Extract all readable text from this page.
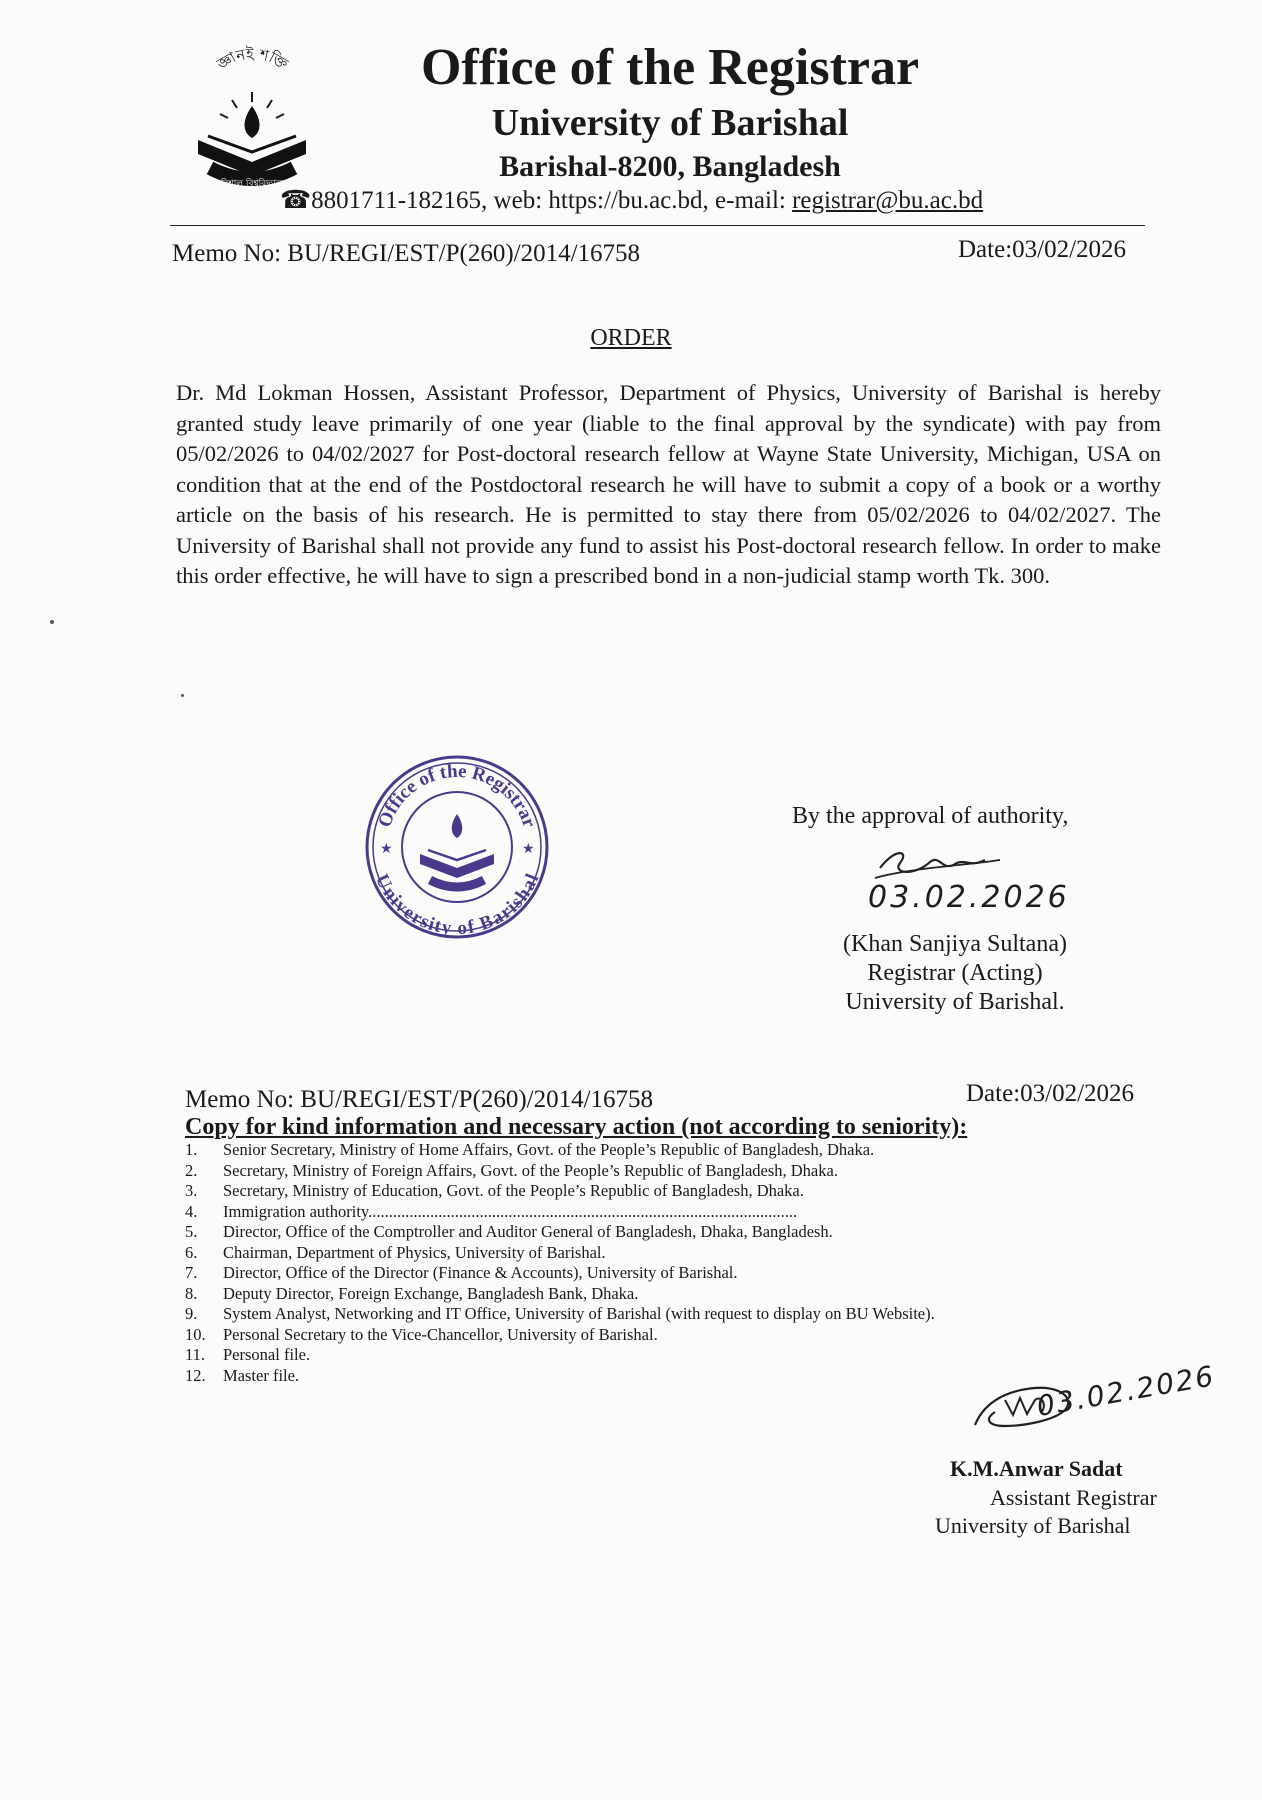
জ্ঞানই শক্তি
বরিশাল বিশ্ববিদ্যালয়
Office of the Registrar
University of Barishal
Barishal-8200, Bangladesh
☎8801711-182165, web: https://bu.ac.bd, e-mail: registrar@bu.ac.bd
Memo No: BU/REGI/EST/P(260)/2014/16758	Date:03/02/2026
ORDER
Dr. Md Lokman Hossen, Assistant Professor, Department of Physics, University of Barishal is hereby granted study leave primarily of one year (liable to the final approval by the syndicate) with pay from 05/02/2026 to 04/02/2027 for Post-doctoral research fellow at Wayne State University, Michigan, USA on condition that at the end of the Postdoctoral research he will have to submit a copy of a book or a worthy article on the basis of his research. He is permitted to stay there from 05/02/2026 to 04/02/2027. The University of Barishal shall not provide any fund to assist his Post-doctoral research fellow. In order to make this order effective, he will have to sign a prescribed bond in a non-judicial stamp worth Tk. 300.
Office of the Registrar
University of Barishal
★	★
By the approval of authority,
03.02.2026
(Khan Sanjiya Sultana)
Registrar (Acting)
University of Barishal.
Memo No: BU/REGI/EST/P(260)/2014/16758	Date:03/02/2026
Copy for kind information and necessary action (not according to seniority):
1. Senior Secretary, Ministry of Home Affairs, Govt. of the People’s Republic of Bangladesh, Dhaka.
2. Secretary, Ministry of Foreign Affairs, Govt. of the People’s Republic of Bangladesh, Dhaka.
3. Secretary, Ministry of Education, Govt. of the People’s Republic of Bangladesh, Dhaka.
4. Immigration authority........................................................................................................
5. Director, Office of the Comptroller and Auditor General of Bangladesh, Dhaka, Bangladesh.
6. Chairman, Department of Physics, University of Barishal.
7. Director, Office of the Director (Finance & Accounts), University of Barishal.
8. Deputy Director, Foreign Exchange, Bangladesh Bank, Dhaka.
9. System Analyst, Networking and IT Office, University of Barishal (with request to display on BU Website).
10. Personal Secretary to the Vice-Chancellor, University of Barishal.
11. Personal file.
12. Master file.	03.02.2026
K.M.Anwar Sadat
Assistant Registrar
University of Barishal
